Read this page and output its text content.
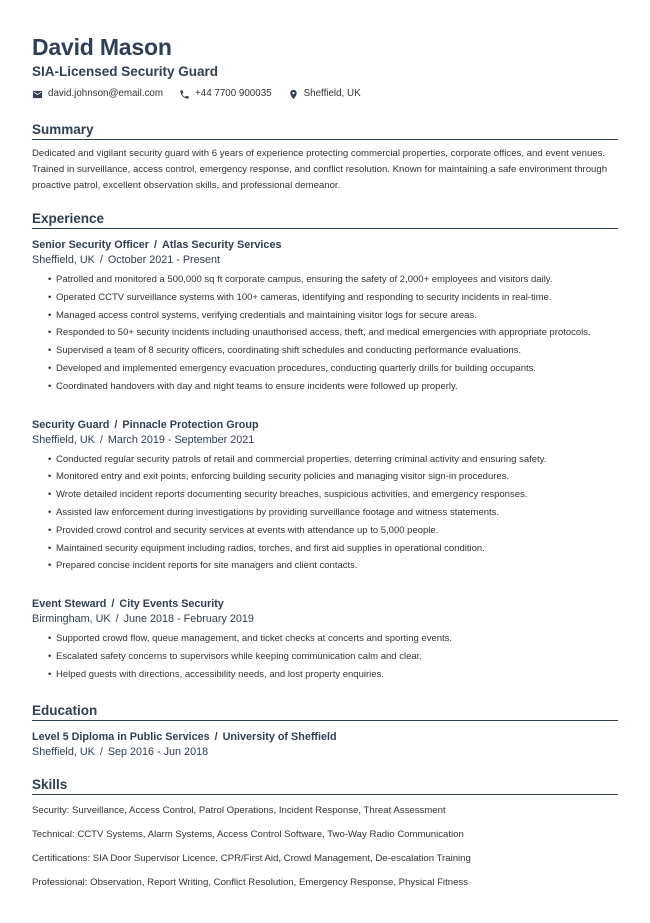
David Mason
SIA-Licensed Security Guard
david.johnson@email.com	+44 7700 900035	Sheffield, UK
Summary
Dedicated and vigilant security guard with 6 years of experience protecting commercial properties, corporate offices, and event venues. Trained in surveillance, access control, emergency response, and conflict resolution. Known for maintaining a safe environment through proactive patrol, excellent observation skills, and professional demeanor.
Experience
Senior Security Officer / Atlas Security Services
Sheffield, UK / October 2021 - Present
• Patrolled and monitored a 500,000 sq ft corporate campus, ensuring the safety of 2,000+ employees and visitors daily.
• Operated CCTV surveillance systems with 100+ cameras, identifying and responding to security incidents in real-time.
• Managed access control systems, verifying credentials and maintaining visitor logs for secure areas.
• Responded to 50+ security incidents including unauthorised access, theft, and medical emergencies with appropriate protocols.
• Supervised a team of 8 security officers, coordinating shift schedules and conducting performance evaluations.
• Developed and implemented emergency evacuation procedures, conducting quarterly drills for building occupants.
• Coordinated handovers with day and night teams to ensure incidents were followed up properly.
Security Guard / Pinnacle Protection Group
Sheffield, UK / March 2019 - September 2021
• Conducted regular security patrols of retail and commercial properties, deterring criminal activity and ensuring safety.
• Monitored entry and exit points, enforcing building security policies and managing visitor sign-in procedures.
• Wrote detailed incident reports documenting security breaches, suspicious activities, and emergency responses.
• Assisted law enforcement during investigations by providing surveillance footage and witness statements.
• Provided crowd control and security services at events with attendance up to 5,000 people.
• Maintained security equipment including radios, torches, and first aid supplies in operational condition.
• Prepared concise incident reports for site managers and client contacts.
Event Steward / City Events Security
Birmingham, UK / June 2018 - February 2019
• Supported crowd flow, queue management, and ticket checks at concerts and sporting events.
• Escalated safety concerns to supervisors while keeping communication calm and clear.
• Helped guests with directions, accessibility needs, and lost property enquiries.
Education
Level 5 Diploma in Public Services / University of Sheffield
Sheffield, UK / Sep 2016 - Jun 2018
Skills
Security: Surveillance, Access Control, Patrol Operations, Incident Response, Threat Assessment
Technical: CCTV Systems, Alarm Systems, Access Control Software, Two-Way Radio Communication
Certifications: SIA Door Supervisor Licence, CPR/First Aid, Crowd Management, De-escalation Training
Professional: Observation, Report Writing, Conflict Resolution, Emergency Response, Physical Fitness
